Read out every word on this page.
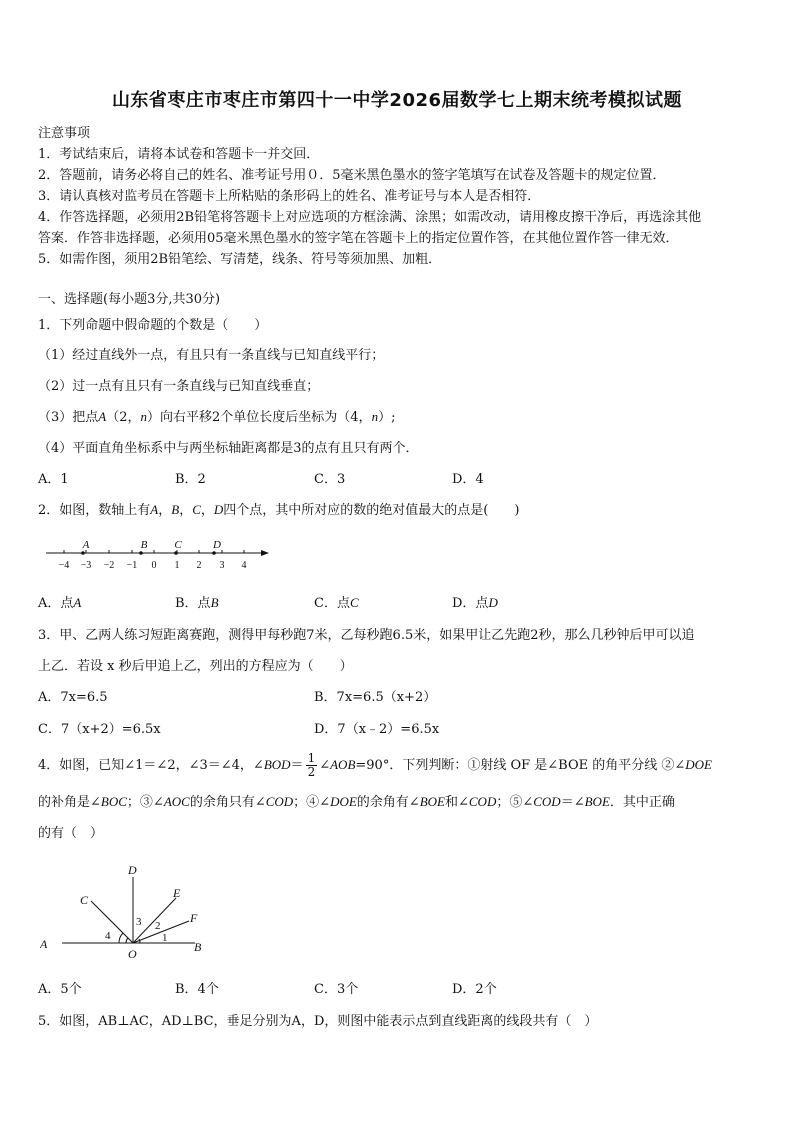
山东省枣庄市枣庄市第四十一中学2026届数学七上期末统考模拟试题
注意事项
1．考试结束后，请将本试卷和答题卡一并交回．
2．答题前，请务必将自己的姓名、准考证号用０．5毫米黑色墨水的签字笔填写在试卷及答题卡的规定位置．
3．请认真核对监考员在答题卡上所粘贴的条形码上的姓名、准考证号与本人是否相符．
4．作答选择题，必须用2B铅笔将答题卡上对应选项的方框涂满、涂黑；如需改动，请用橡皮擦干净后，再选涂其他
答案．作答非选择题，必须用05毫米黑色墨水的签字笔在答题卡上的指定位置作答，在其他位置作答一律无效．
5．如需作图，须用2B铅笔绘、写清楚，线条、符号等须加黑、加粗．
一、选择题(每小题3分,共30分)
1．下列命题中假命题的个数是（　　）
（1）经过直线外一点，有且只有一条直线与已知直线平行；
（2）过一点有且只有一条直线与已知直线垂直；
（3）把点A（2，n）向右平移2个单位长度后坐标为（4，n）;
（4）平面直角坐标系中与两坐标轴距离都是3的点有且只有两个．
A．1	B．2	C．3	D．4
2．如图，数轴上有A，B，C，D四个点，其中所对应的数的绝对值最大的点是(　　)
−4 −3 −2 −1 0 1 2 3 4
A	B C	D
A．点A	B．点B	C．点C	D．点D
3．甲、乙两人练习短距离赛跑，测得甲每秒跑7米，乙每秒跑6.5米，如果甲让乙先跑2秒，那么几秒钟后甲可以追
上乙．若设 x 秒后甲追上乙，列出的方程应为（　　）
A．7x=6.5	B．7x=6.5（x+2）
C．7（x+2）=6.5x	D．7（x﹣2）=6.5x
4．如图，已知∠1＝∠2，∠3＝∠4，∠BOD＝ $\frac{1}{2}$ ∠AOB=90°．下列判断：①射线 OF 是∠BOE 的角平分线 ②∠DOE
的补角是∠BOC；③∠AOC的余角只有∠COD；④∠DOE的余角有∠BOE和∠COD；⑤∠COD＝∠BOE．其中正确
的有（　）
A	B
C
D
E
F
O
1
2
3
4
A．5个	B．4个	C．3个	D．2个
5．如图，AB⊥AC，AD⊥BC，垂足分别为A，D，则图中能表示点到直线距离的线段共有（　）
